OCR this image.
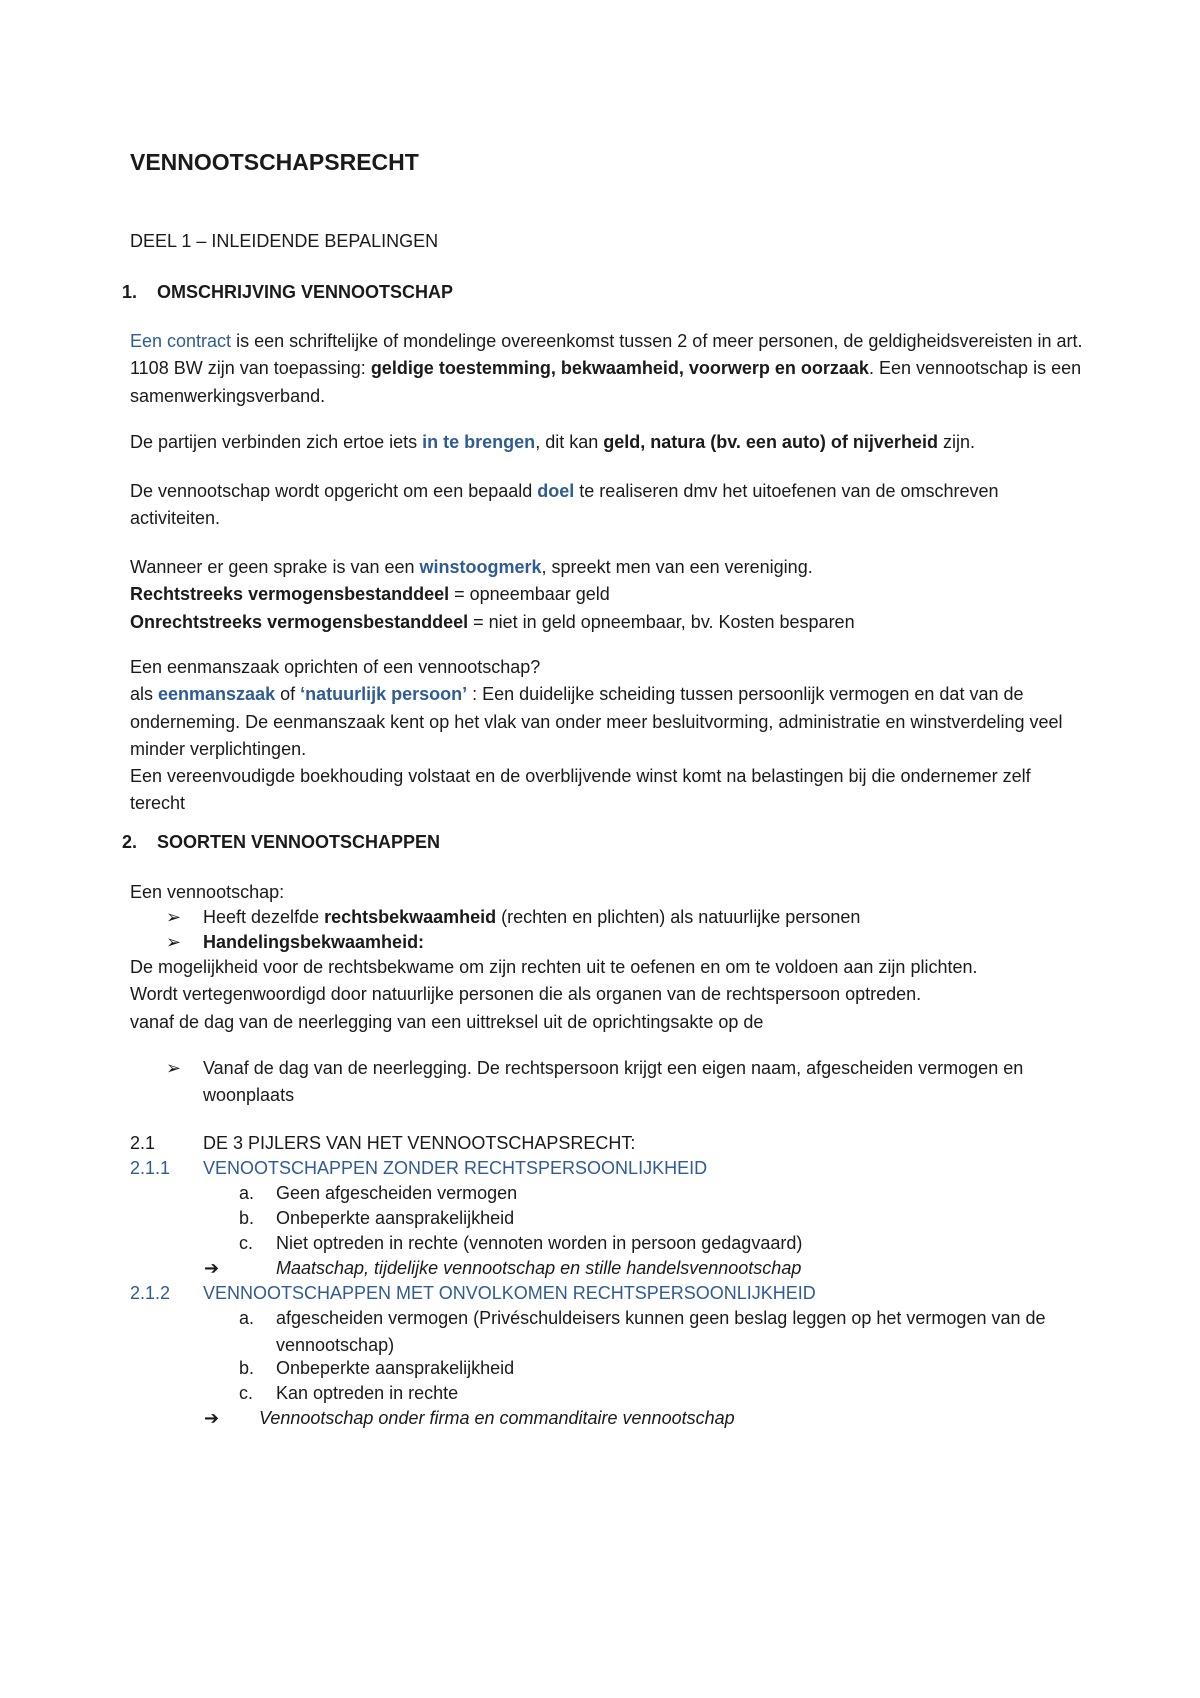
VENNOOTSCHAPSRECHT

DEEL 1 – INLEIDENDE BEPALINGEN

1. OMSCHRIJVING VENNOOTSCHAP

Een contract is een schriftelijke of mondelinge overeenkomst tussen 2 of meer personen, de geldigheidsvereisten in art. 1108 BW zijn van toepassing: geldige toestemming, bekwaamheid, voorwerp en oorzaak. Een vennootschap is een samenwerkingsverband.

De partijen verbinden zich ertoe iets in te brengen, dit kan geld, natura (bv. een auto) of nijverheid zijn.

De vennootschap wordt opgericht om een bepaald doel te realiseren dmv het uitoefenen van de omschreven activiteiten.

Wanneer er geen sprake is van een winstoogmerk, spreekt men van een vereniging.
Rechtstreeks vermogensbestanddeel = opneembaar geld
Onrechtstreeks vermogensbestanddeel = niet in geld opneembaar, bv. Kosten besparen

Een eenmanszaak oprichten of een vennootschap?
als eenmanszaak of ‘natuurlijk persoon’ : Een duidelijke scheiding tussen persoonlijk vermogen en dat van de onderneming. De eenmanszaak kent op het vlak van onder meer besluitvorming, administratie en winstverdeling veel minder verplichtingen.
Een vereenvoudigde boekhouding volstaat en de overblijvende winst komt na belastingen bij die ondernemer zelf terecht

2. SOORTEN VENNOOTSCHAPPEN

Een vennootschap:

➢	Heeft dezelfde rechtsbekwaamheid (rechten en plichten) als natuurlijke personen

➢	Handelingsbekwaamheid:

De mogelijkheid voor de rechtsbekwame om zijn rechten uit te oefenen en om te voldoen aan zijn plichten.
Wordt vertegenwoordigd door natuurlijke personen die als organen van de rechtspersoon optreden.
vanaf de dag van de neerlegging van een uittreksel uit de oprichtingsakte op de

➢	Vanaf de dag van de neerlegging. De rechtspersoon krijgt een eigen naam, afgescheiden vermogen en woonplaats

2.1	DE 3 PIJLERS VAN HET VENNOOTSCHAPSRECHT:

2.1.1 VENOOTSCHAPPEN ZONDER RECHTSPERSOONLIJKHEID

a. Geen afgescheiden vermogen

b. Onbeperkte aansprakelijkheid

c. Niet optreden in rechte (vennoten worden in persoon gedagvaard)

➔	Maatschap, tijdelijke vennootschap en stille handelsvennootschap

2.1.2 VENNOOTSCHAPPEN MET ONVOLKOMEN RECHTSPERSOONLIJKHEID

a. afgescheiden vermogen (Privéschuldeisers kunnen geen beslag leggen op het vermogen van de vennootschap)

b. Onbeperkte aansprakelijkheid

c. Kan optreden in rechte

➔ Vennootschap onder firma en commanditaire vennootschap
